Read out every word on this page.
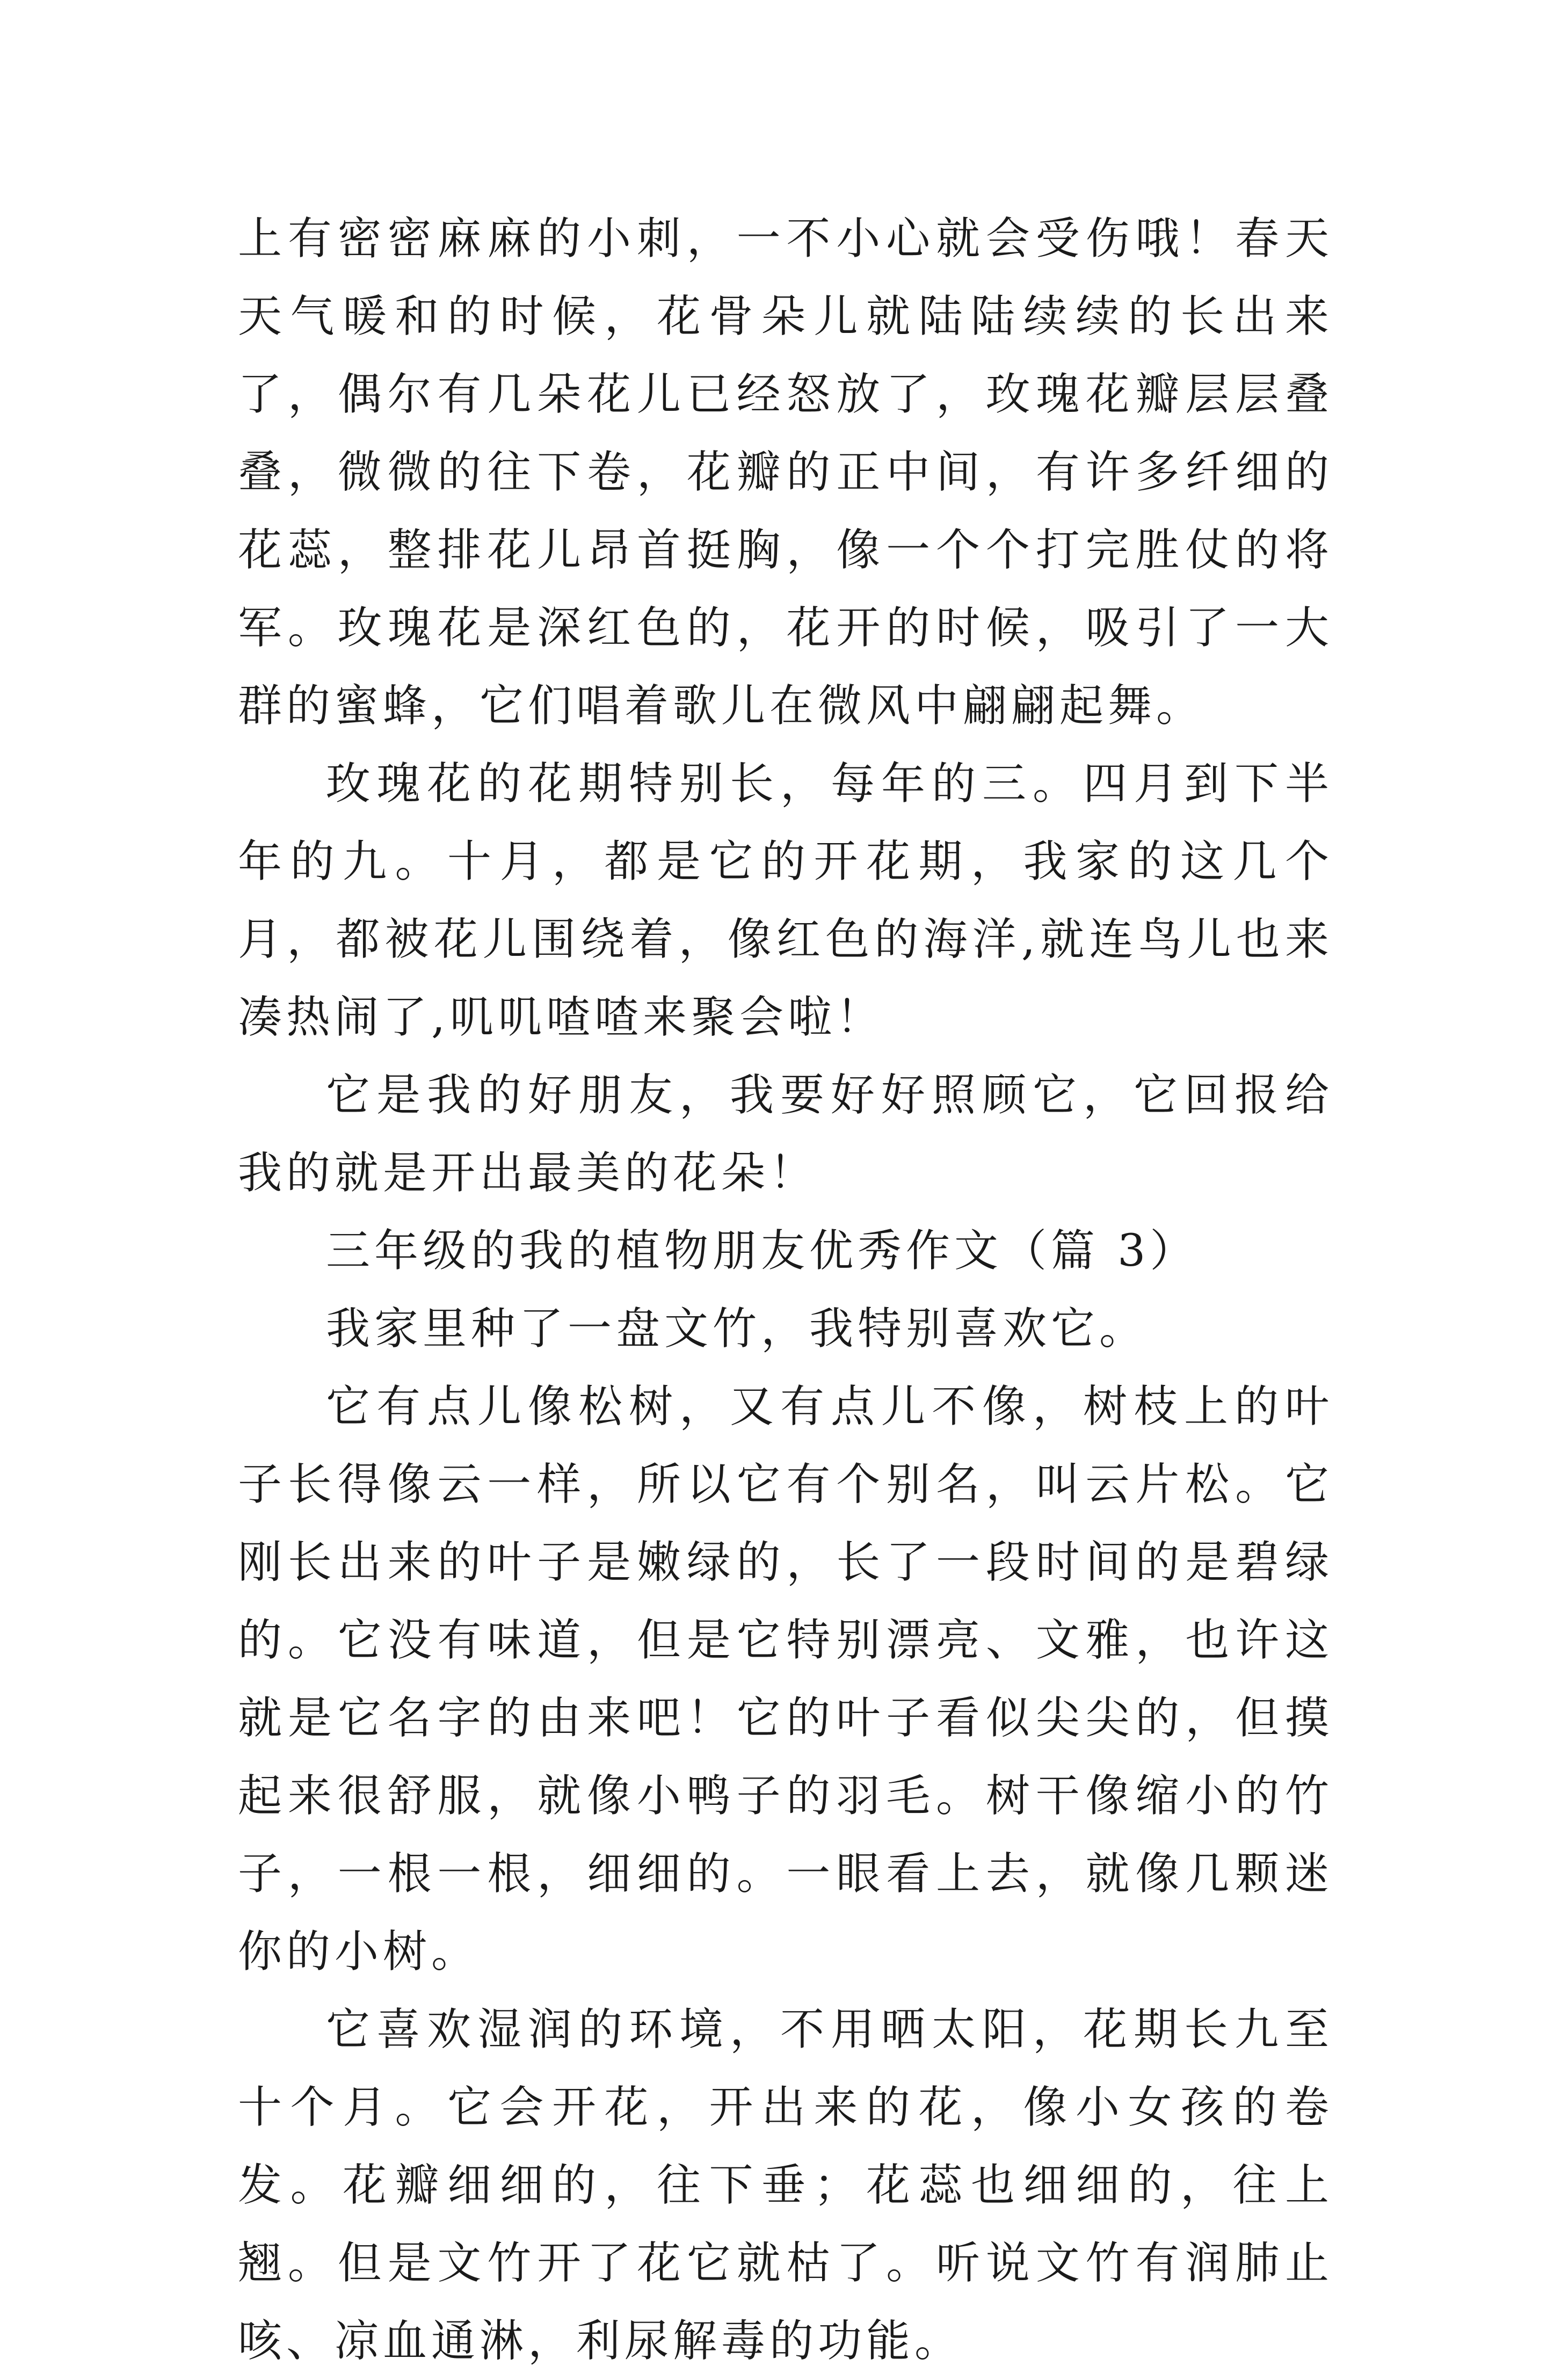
上有密密麻麻的小刺，一不小心就会受伤哦！春天天气暖和的时候，花骨朵儿就陆陆续续的长出来了，偶尔有几朵花儿已经怒放了，玫瑰花瓣层层叠叠，微微的往下卷，花瓣的正中间，有许多纤细的花蕊，整排花儿昂首挺胸，像一个个打完胜仗的将军。玫瑰花是深红色的，花开的时候，吸引了一大群的蜜蜂，它们唱着歌儿在微风中翩翩起舞。

玫瑰花的花期特别长，每年的三。四月到下半年的九。十月，都是它的开花期，我家的这几个月，都被花儿围绕着，像红色的海洋,就连鸟儿也来凑热闹了,叽叽喳喳来聚会啦！

它是我的好朋友，我要好好照顾它，它回报给我的就是开出最美的花朵！

三年级的我的植物朋友优秀作文（篇 3）

我家里种了一盘文竹，我特别喜欢它。

它有点儿像松树，又有点儿不像，树枝上的叶子长得像云一样，所以它有个别名，叫云片松。它刚长出来的叶子是嫩绿的，长了一段时间的是碧绿的。它没有味道，但是它特别漂亮、文雅，也许这就是它名字的由来吧！它的叶子看似尖尖的，但摸起来很舒服，就像小鸭子的羽毛。树干像缩小的竹子，一根一根，细细的。一眼看上去，就像几颗迷你的小树。

它喜欢湿润的环境，不用晒太阳，花期长九至十个月。它会开花，开出来的花，像小女孩的卷发。花瓣细细的，往下垂；花蕊也细细的，往上翘。但是文竹开了花它就枯了。听说文竹有润肺止咳、凉血通淋，利尿解毒的功能。
